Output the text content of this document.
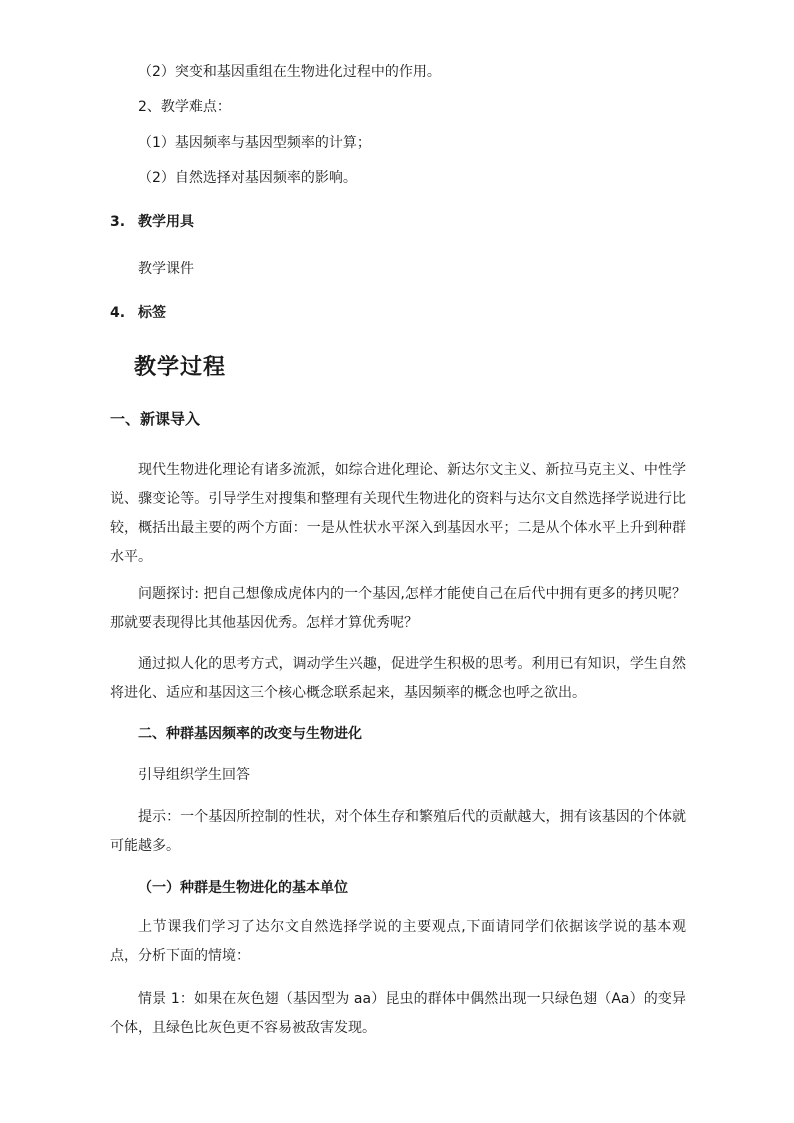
（2）突变和基因重组在生物进化过程中的作用。
2、教学难点：
（1）基因频率与基因型频率的计算；
（2）自然选择对基因频率的影响。
3. 教学用具
教学课件
4. 标签
教学过程
一、新课导入
现代生物进化理论有诸多流派，如综合进化理论、新达尔文主义、新拉马克主义、中性学说、骤变论等。引导学生对搜集和整理有关现代生物进化的资料与达尔文自然选择学说进行比较，概括出最主要的两个方面：一是从性状水平深入到基因水平；二是从个体水平上升到种群水平。
问题探讨: 把自己想像成虎体内的一个基因,怎样才能使自己在后代中拥有更多的拷贝呢？那就要表现得比其他基因优秀。怎样才算优秀呢？
通过拟人化的思考方式，调动学生兴趣，促进学生积极的思考。利用已有知识，学生自然将进化、适应和基因这三个核心概念联系起来，基因频率的概念也呼之欲出。
二、种群基因频率的改变与生物进化
引导组织学生回答
提示：一个基因所控制的性状，对个体生存和繁殖后代的贡献越大，拥有该基因的个体就可能越多。
（一）种群是生物进化的基本单位
上节课我们学习了达尔文自然选择学说的主要观点,下面请同学们依据该学说的基本观点，分析下面的情境：
情景 1：如果在灰色翅（基因型为 aa）昆虫的群体中偶然出现一只绿色翅（Aa）的变异个体，且绿色比灰色更不容易被敌害发现。
